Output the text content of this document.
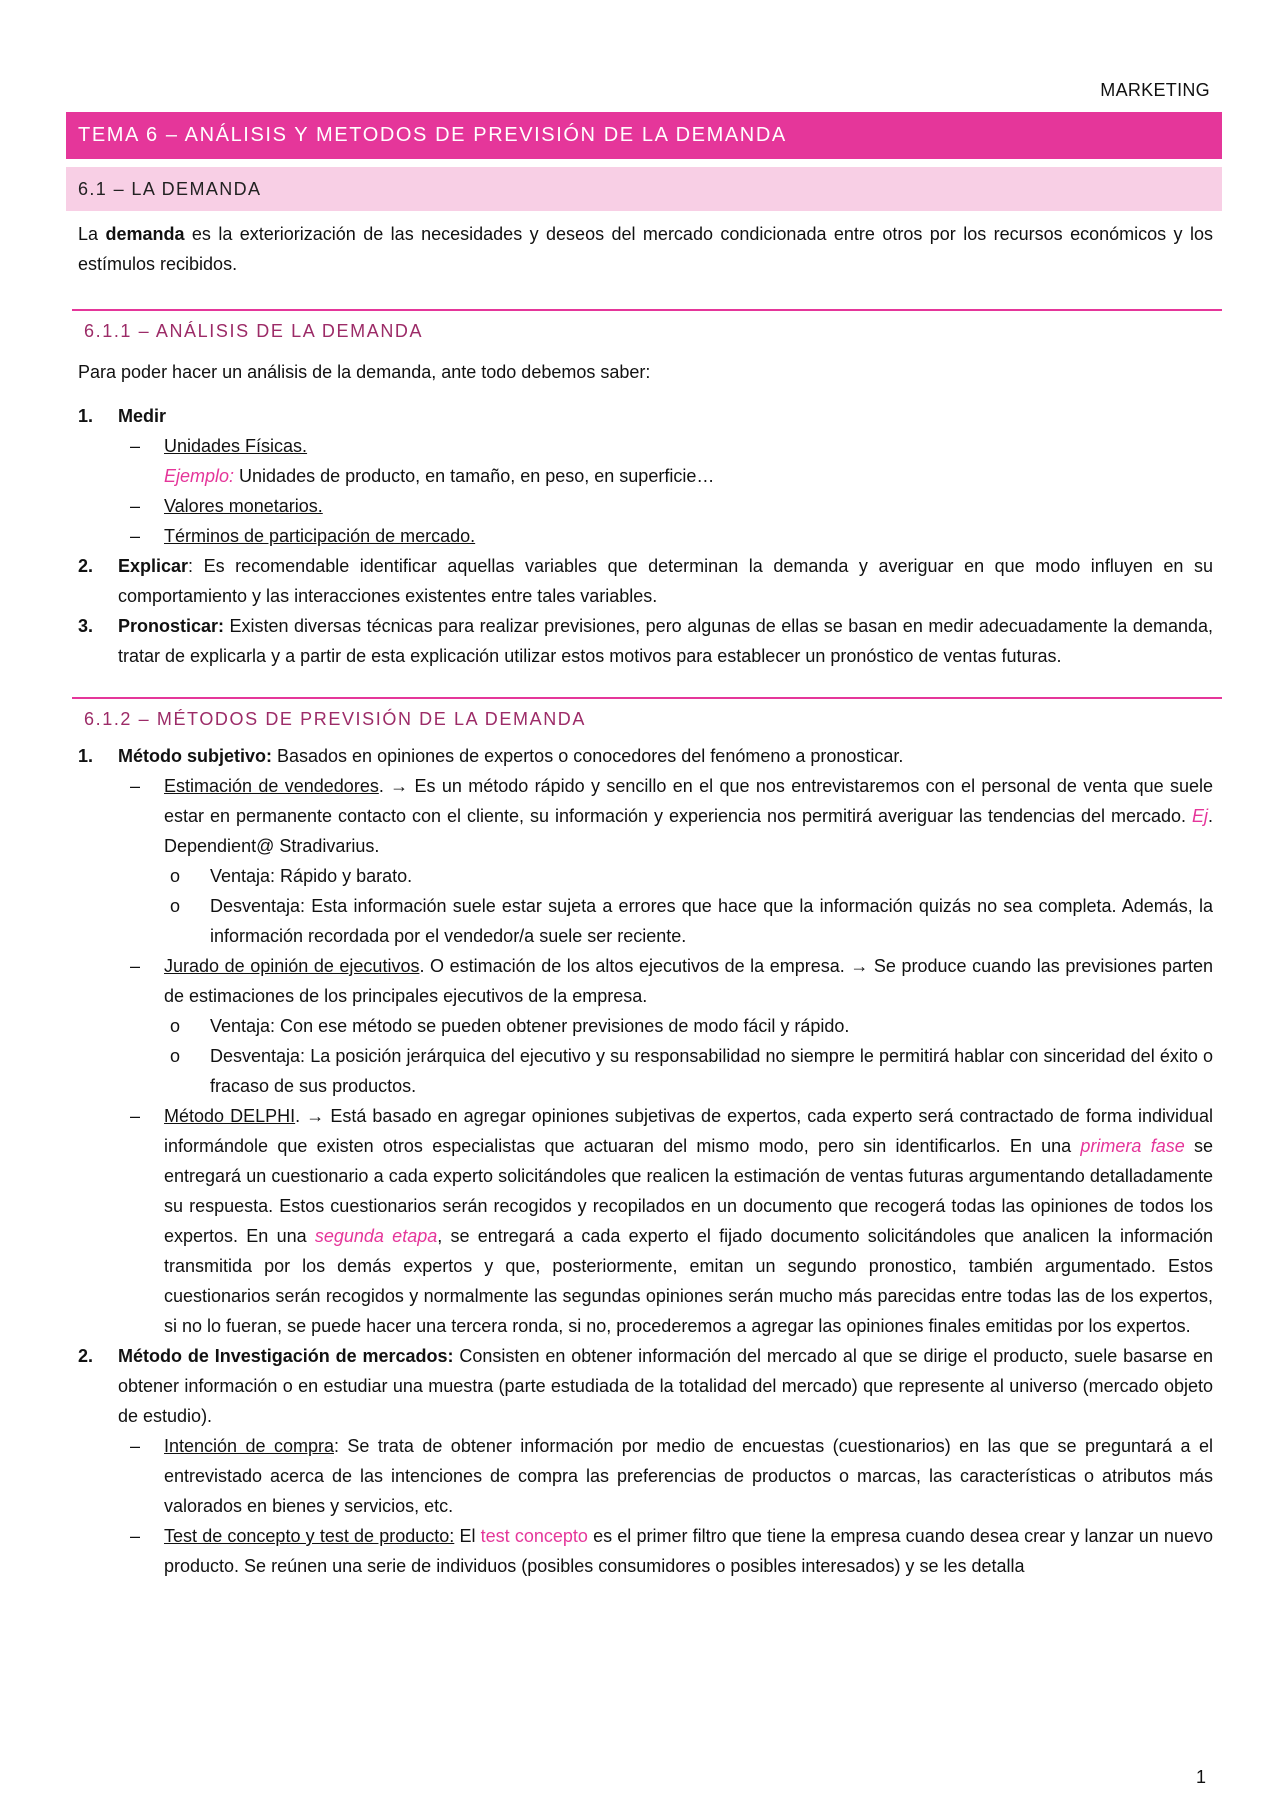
MARKETING
TEMA 6 – ANÁLISIS Y METODOS DE PREVISIÓN DE LA DEMANDA
6.1 – LA DEMANDA

La demanda es la exteriorización de las necesidades y deseos del mercado condicionada entre otros por los recursos económicos y los estímulos recibidos.

6.1.1 – ANÁLISIS DE LA DEMANDA

Para poder hacer un análisis de la demanda, ante todo debemos saber:

1. Medir
– Unidades Físicas.
Ejemplo: Unidades de producto, en tamaño, en peso, en superficie…
– Valores monetarios.
– Términos de participación de mercado.
2. Explicar: Es recomendable identificar aquellas variables que determinan la demanda y averiguar en que modo influyen en su comportamiento y las interacciones existentes entre tales variables.
3. Pronosticar: Existen diversas técnicas para realizar previsiones, pero algunas de ellas se basan en medir adecuadamente la demanda, tratar de explicarla y a partir de esta explicación utilizar estos motivos para establecer un pronóstico de ventas futuras.
6.1.2 – MÉTODOS DE PREVISIÓN DE LA DEMANDA
1. Método subjetivo: Basados en opiniones de expertos o conocedores del fenómeno a pronosticar.
– Estimación de vendedores. → Es un método rápido y sencillo en el que nos entrevistaremos con el personal de venta que suele estar en permanente contacto con el cliente, su información y experiencia nos permitirá averiguar las tendencias del mercado. Ej. Dependient@ Stradivarius.
o Ventaja: Rápido y barato.
o Desventaja: Esta información suele estar sujeta a errores que hace que la información quizás no sea completa. Además, la información recordada por el vendedor/a suele ser reciente.
– Jurado de opinión de ejecutivos. O estimación de los altos ejecutivos de la empresa. → Se produce cuando las previsiones parten de estimaciones de los principales ejecutivos de la empresa.
o Ventaja: Con ese método se pueden obtener previsiones de modo fácil y rápido.
o Desventaja: La posición jerárquica del ejecutivo y su responsabilidad no siempre le permitirá hablar con sinceridad del éxito o fracaso de sus productos.
– Método DELPHI. → Está basado en agregar opiniones subjetivas de expertos, cada experto será contractado de forma individual informándole que existen otros especialistas que actuaran del mismo modo, pero sin identificarlos. En una primera fase se entregará un cuestionario a cada experto solicitándoles que realicen la estimación de ventas futuras argumentando detalladamente su respuesta. Estos cuestionarios serán recogidos y recopilados en un documento que recogerá todas las opiniones de todos los expertos. En una segunda etapa, se entregará a cada experto el fijado documento solicitándoles que analicen la información transmitida por los demás expertos y que, posteriormente, emitan un segundo pronostico, también argumentado. Estos cuestionarios serán recogidos y normalmente las segundas opiniones serán mucho más parecidas entre todas las de los expertos, si no lo fueran, se puede hacer una tercera ronda, si no, procederemos a agregar las opiniones finales emitidas por los expertos.
2. Método de Investigación de mercados: Consisten en obtener información del mercado al que se dirige el producto, suele basarse en obtener información o en estudiar una muestra (parte estudiada de la totalidad del mercado) que represente al universo (mercado objeto de estudio).
– Intención de compra: Se trata de obtener información por medio de encuestas (cuestionarios) en las que se preguntará a el entrevistado acerca de las intenciones de compra las preferencias de productos o marcas, las características o atributos más valorados en bienes y servicios, etc.
– Test de concepto y test de producto: El test concepto es el primer filtro que tiene la empresa cuando desea crear y lanzar un nuevo producto. Se reúnen una serie de individuos (posibles consumidores o posibles interesados) y se les detalla
1
